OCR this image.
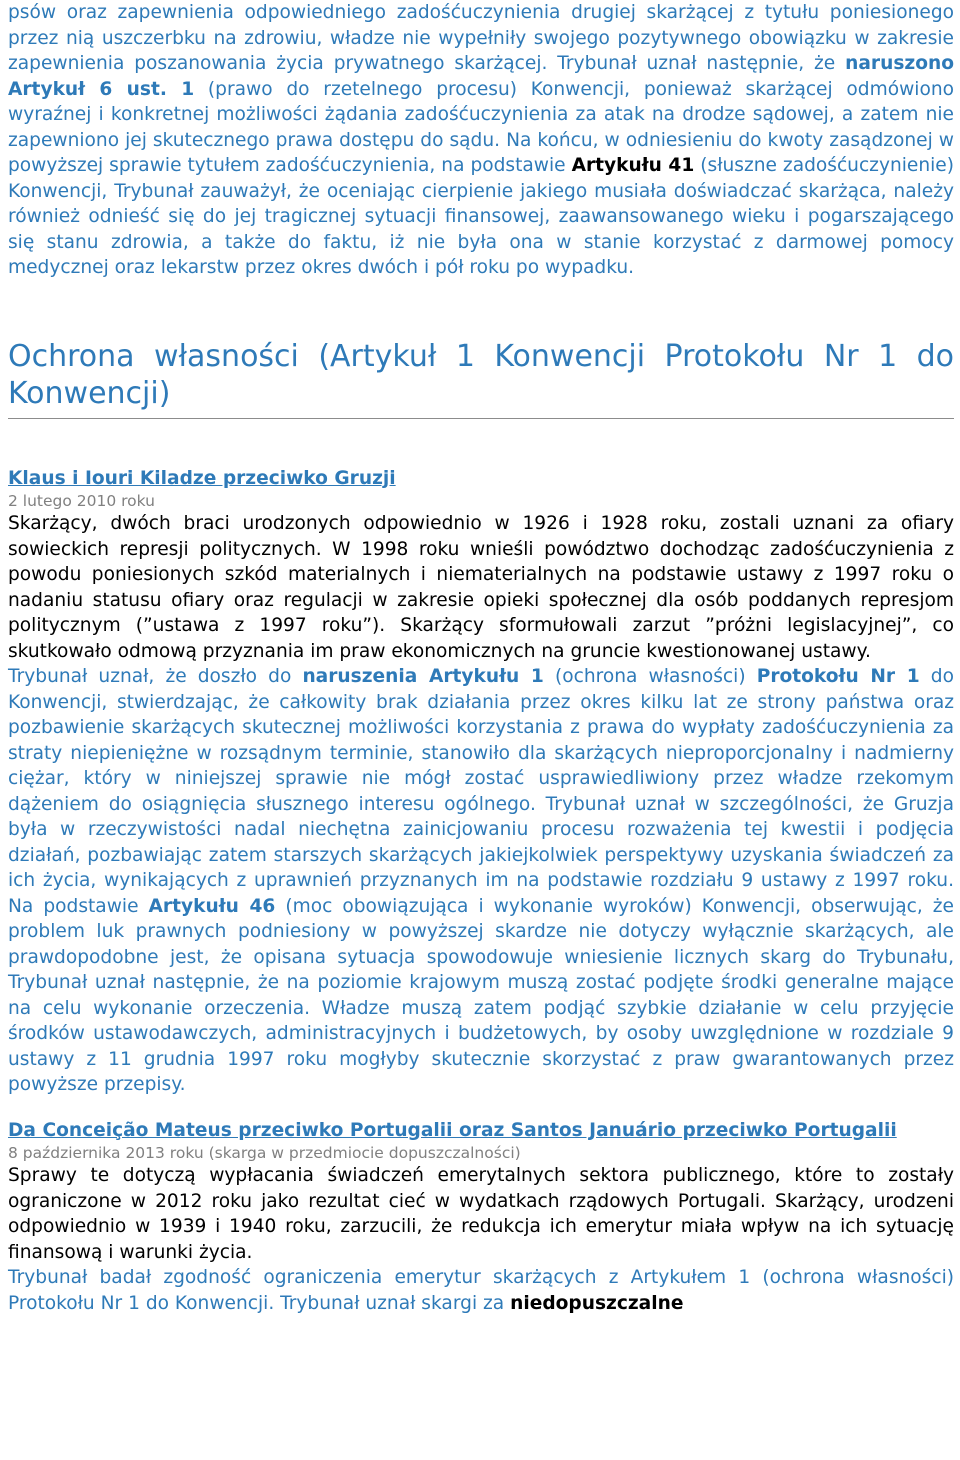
psów oraz zapewnienia odpowiedniego zadośćuczynienia drugiej skarżącej z tytułu poniesionego przez nią uszczerbku na zdrowiu, władze nie wypełniły swojego pozytywnego obowiązku w zakresie zapewnienia poszanowania życia prywatnego skarżącej. Trybunał uznał następnie, że naruszono Artykuł 6 ust. 1 (prawo do rzetelnego procesu) Konwencji, ponieważ skarżącej odmówiono wyraźnej i konkretnej możliwości żądania zadośćuczynienia za atak na drodze sądowej, a zatem nie zapewniono jej skutecznego prawa dostępu do sądu. Na końcu, w odniesieniu do kwoty zasądzonej w powyższej sprawie tytułem zadośćuczynienia, na podstawie Artykułu 41 (słuszne zadośćuczynienie) Konwencji, Trybunał zauważył, że oceniając cierpienie jakiego musiała doświadczać skarżąca, należy również odnieść się do jej tragicznej sytuacji finansowej, zaawansowanego wieku i pogarszającego się stanu zdrowia, a także do faktu, iż nie była ona w stanie korzystać z darmowej pomocy medycznej oraz lekarstw przez okres dwóch i pół roku po wypadku.

Ochrona własności (Artykuł 1 Konwencji Protokołu Nr 1 do Konwencji)
Klaus i Iouri Kiladze przeciwko Gruzji

2 lutego 2010 roku

Skarżący, dwóch braci urodzonych odpowiednio w 1926 i 1928 roku, zostali uznani za ofiary sowieckich represji politycznych. W 1998 roku wnieśli powództwo dochodząc zadośćuczynienia z powodu poniesionych szkód materialnych i niematerialnych na podstawie ustawy z 1997 roku o nadaniu statusu ofiary oraz regulacji w zakresie opieki społecznej dla osób poddanych represjom politycznym (”ustawa z 1997 roku”). Skarżący sformułowali zarzut ”próżni legislacyjnej”, co skutkowało odmową przyznania im praw ekonomicznych na gruncie kwestionowanej ustawy.

Trybunał uznał, że doszło do naruszenia Artykułu 1 (ochrona własności) Protokołu Nr 1 do Konwencji, stwierdzając, że całkowity brak działania przez okres kilku lat ze strony państwa oraz pozbawienie skarżących skutecznej możliwości korzystania z prawa do wypłaty zadośćuczynienia za straty niepieniężne w rozsądnym terminie, stanowiło dla skarżących nieproporcjonalny i nadmierny ciężar, który w niniejszej sprawie nie mógł zostać usprawiedliwiony przez władze rzekomym dążeniem do osiągnięcia słusznego interesu ogólnego. Trybunał uznał w szczególności, że Gruzja była w rzeczywistości nadal niechętna zainicjowaniu procesu rozważenia tej kwestii i podjęcia działań, pozbawiając zatem starszych skarżących jakiejkolwiek perspektywy uzyskania świadczeń za ich życia, wynikających z uprawnień przyznanych im na podstawie rozdziału 9 ustawy z 1997 roku. Na podstawie Artykułu 46 (moc obowiązująca i wykonanie wyroków) Konwencji, obserwując, że problem luk prawnych podniesiony w powyższej skardze nie dotyczy wyłącznie skarżących, ale prawdopodobne jest, że opisana sytuacja spowodowuje wniesienie licznych skarg do Trybunału, Trybunał uznał następnie, że na poziomie krajowym muszą zostać podjęte środki generalne mające na celu wykonanie orzeczenia. Władze muszą zatem podjąć szybkie działanie w celu przyjęcie środków ustawodawczych, administracyjnych i budżetowych, by osoby uwzględnione w rozdziale 9 ustawy z 11 grudnia 1997 roku mogłyby skutecznie skorzystać z praw gwarantowanych przez powyższe przepisy.

Da Conceição Mateus przeciwko Portugalii oraz Santos Januário przeciwko Portugalii

8 października 2013 roku (skarga w przedmiocie dopuszczalności)

Sprawy te dotyczą wypłacania świadczeń emerytalnych sektora publicznego, które to zostały ograniczone w 2012 roku jako rezultat cieć w wydatkach rządowych Portugali. Skarżący, urodzeni odpowiednio w 1939 i 1940 roku, zarzucili, że redukcja ich emerytur miała wpływ na ich sytuację finansową i warunki życia.

Trybunał badał zgodność ograniczenia emerytur skarżących z Artykułem 1 (ochrona własności) Protokołu Nr 1 do Konwencji. Trybunał uznał skargi za niedopuszczalne
